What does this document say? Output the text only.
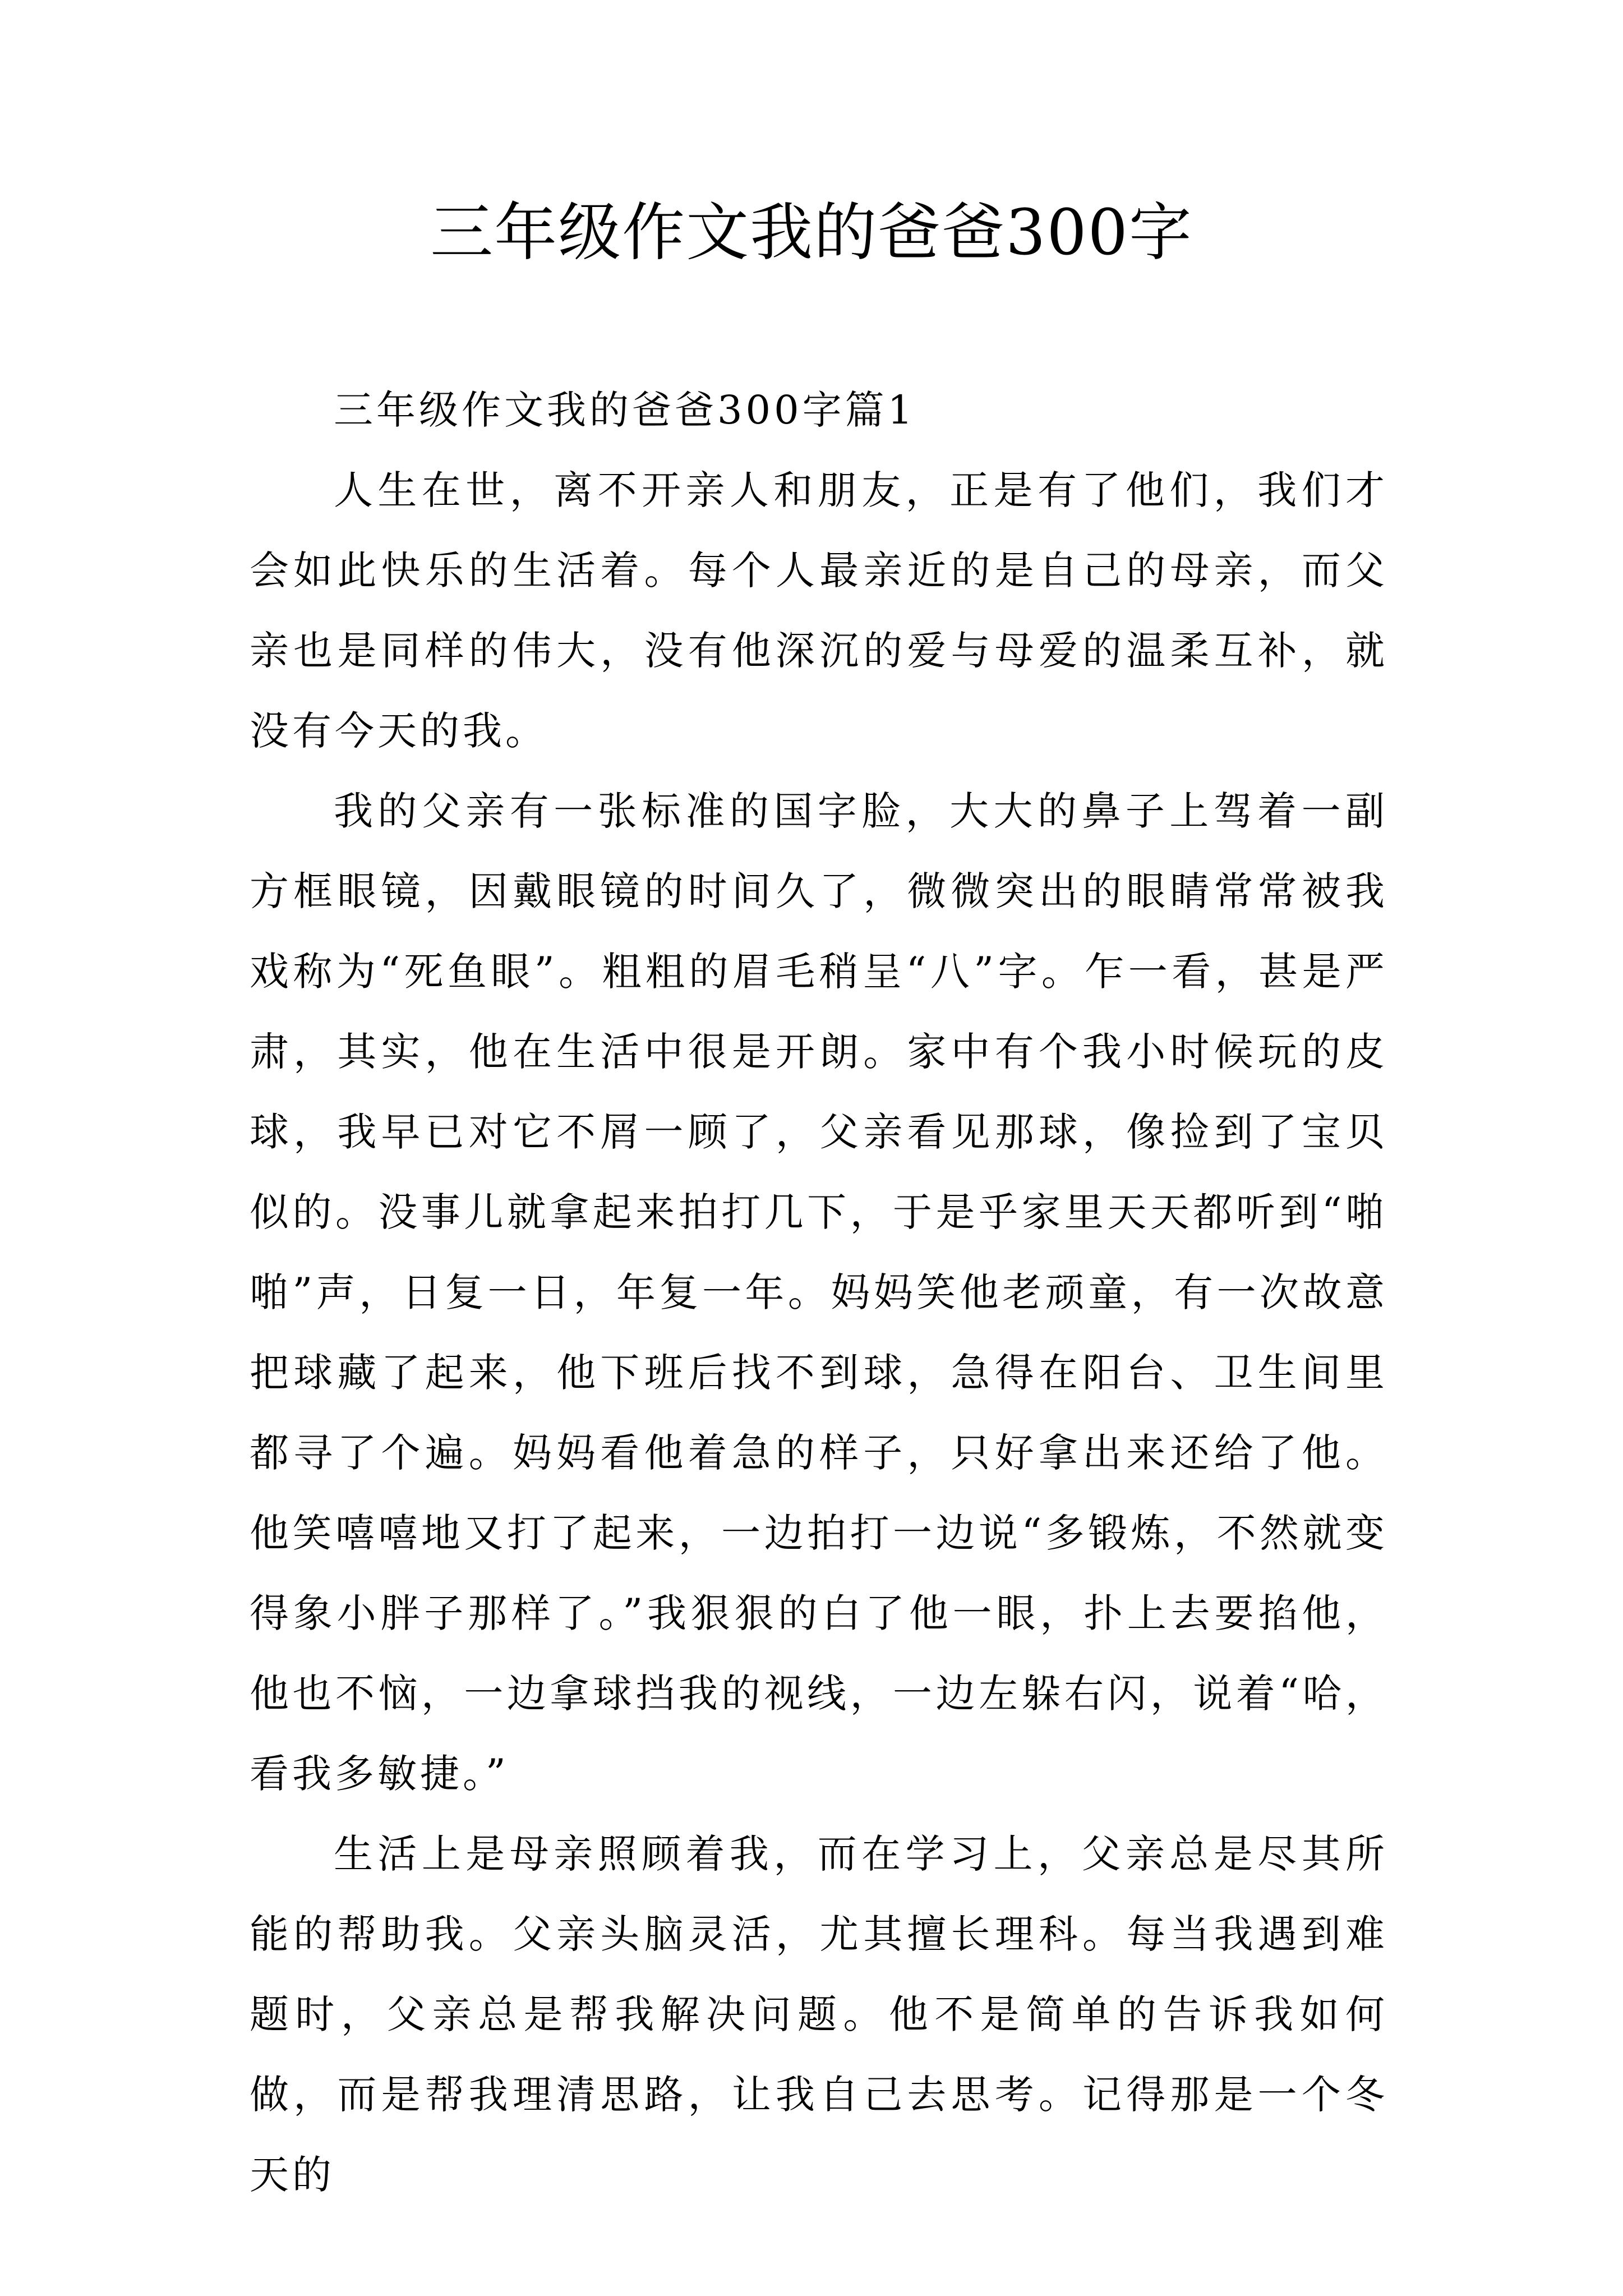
三年级作文我的爸爸300字

三年级作文我的爸爸300字篇1

人生在世，离不开亲人和朋友，正是有了他们，我们才会如此快乐的生活着。每个人最亲近的是自己的母亲，而父亲也是同样的伟大，没有他深沉的爱与母爱的温柔互补，就没有今天的我。

我的父亲有一张标准的国字脸，大大的鼻子上驾着一副方框眼镜，因戴眼镜的时间久了，微微突出的眼睛常常被我戏称为“死鱼眼”。粗粗的眉毛稍呈“八”字。乍一看，甚是严肃，其实，他在生活中很是开朗。家中有个我小时候玩的皮球，我早已对它不屑一顾了，父亲看见那球，像捡到了宝贝似的。没事儿就拿起来拍打几下，于是乎家里天天都听到“啪啪”声，日复一日，年复一年。妈妈笑他老顽童，有一次故意把球藏了起来，他下班后找不到球，急得在阳台、卫生间里都寻了个遍。妈妈看他着急的样子，只好拿出来还给了他。他笑嘻嘻地又打了起来，一边拍打一边说“多锻炼，不然就变得象小胖子那样了。”我狠狠的白了他一眼，扑上去要掐他，他也不恼，一边拿球挡我的视线，一边左躲右闪，说着“哈，看我多敏捷。”

生活上是母亲照顾着我，而在学习上，父亲总是尽其所能的帮助我。父亲头脑灵活，尤其擅长理科。每当我遇到难题时，父亲总是帮我解决问题。他不是简单的告诉我如何做，而是帮我理清思路，让我自己去思考。记得那是一个冬天的
